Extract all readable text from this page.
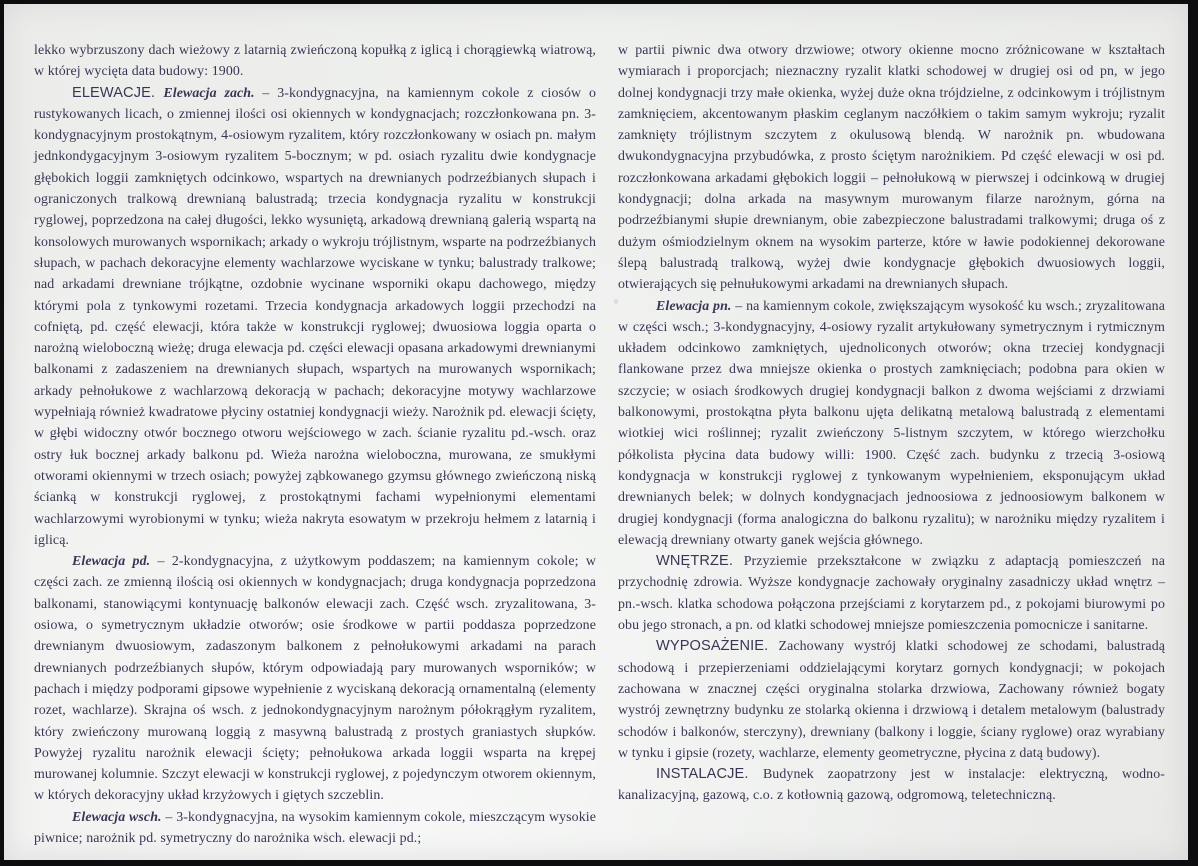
lekko wybrzuszony dach wieżowy z latarnią zwieńczoną kopułką z iglicą i chorągiewką wiatrową, w której wycięta data budowy: 1900.

ELEWACJE. Elewacja zach. – 3-kondygnacyjna, na kamiennym cokole z ciosów o rustykowanych licach, o zmiennej ilości osi okiennych w kondygnacjach; rozczłonkowana pn. 3-kondygnacyjnym prostokątnym, 4-osiowym ryzalitem, który rozczłonkowany w osiach pn. małym jednkondygacyjnym 3-osiowym ryzalitem 5-bocznym; w pd. osiach ryzalitu dwie kondygnacje głębokich loggii zamkniętych odcinkowo, wspartych na drewnianych podrzeźbianych słupach i ograniczonych tralkową drewnianą balustradą; trzecia kondygnacja ryzalitu w konstrukcji ryglowej, poprzedzona na całej długości, lekko wysuniętą, arkadową drewnianą galerią wspartą na konsolowych murowanych wspornikach; arkady o wykroju trójlistnym, wsparte na podrzeźbianych słupach, w pachach dekoracyjne elementy wachlarzowe wyciskane w tynku; balustrady tralkowe; nad arkadami drewniane trójkątne, ozdobnie wycinane wsporniki okapu dachowego, między którymi pola z tynkowymi rozetami. Trzecia kondygnacja arkadowych loggii przechodzi na cofniętą, pd. część elewacji, która także w konstrukcji ryglowej; dwuosiowa loggia oparta o narożną wieloboczną wieżę; druga elewacja pd. części elewacji opasana arkadowymi drewnianymi balkonami z zadaszeniem na drewnianych słupach, wspartych na murowanych wspornikach; arkady pełnołukowe z wachlarzową dekoracją w pachach; dekoracyjne motywy wachlarzowe wypełniają również kwadratowe płyciny ostatniej kondygnacji wieży. Narożnik pd. elewacji ścięty, w głębi widoczny otwór bocznego otworu wejściowego w zach. ścianie ryzalitu pd.-wsch. oraz ostry łuk bocznej arkady balkonu pd. Wieża narożna wieloboczna, murowana, ze smukłymi otworami okiennymi w trzech osiach; powyżej ząbkowanego gzymsu głównego zwieńczoną niską ścianką w konstrukcji ryglowej, z prostokątnymi fachami wypełnionymi elementami wachlarzowymi wyrobionymi w tynku; wieża nakryta esowatym w przekroju hełmem z latarnią i iglicą.

Elewacja pd. – 2-kondygnacyjna, z użytkowym poddaszem; na kamiennym cokole; w części zach. ze zmienną ilością osi okiennych w kondygnacjach; druga kondygnacja poprzedzona balkonami, stanowiącymi kontynuację balkonów elewacji zach. Część wsch. zryzalitowana, 3-osiowa, o symetrycznym układzie otworów; osie środkowe w partii poddasza poprzedzone drewnianym dwuosiowym, zadaszonym balkonem z pełnołukowymi arkadami na parach drewnianych podrzeźbianych słupów, którym odpowiadają pary murowanych wsporników; w pachach i między podporami gipsowe wypełnienie z wyciskaną dekoracją ornamentalną (elementy rozet, wachlarze). Skrajna oś wsch. z jednokondygnacyjnym narożnym półokrągłym ryzalitem, który zwieńczony murowaną loggią z masywną balustradą z prostych graniastych słupków. Powyżej ryzalitu narożnik elewacji ścięty; pełnołukowa arkada loggii wsparta na krępej murowanej kolumnie. Szczyt elewacji w konstrukcji ryglowej, z pojedynczym otworem okiennym, w których dekoracyjny układ krzyżowych i giętych szczeblin.

Elewacja wsch. – 3-kondygnacyjna, na wysokim kamiennym cokole, mieszczącym wysokie piwnice; narożnik pd. symetryczny do narożnika wsch. elewacji pd.;

w partii piwnic dwa otwory drzwiowe; otwory okienne mocno zróżnicowane w kształtach wymiarach i proporcjach; nieznaczny ryzalit klatki schodowej w drugiej osi od pn, w jego dolnej kondygnacji trzy małe okienka, wyżej duże okna trójdzielne, z odcinkowym i trójlistnym zamknięciem, akcentowanym płaskim ceglanym naczółkiem o takim samym wykroju; ryzalit zamknięty trójlistnym szczytem z okulusową blendą. W narożnik pn. wbudowana dwukondygnacyjna przybudówka, z prosto ściętym narożnikiem. Pd część elewacji w osi pd. rozczłonkowana arkadami głębokich loggii – pełnołukową w pierwszej i odcinkową w drugiej kondygnacji; dolna arkada na masywnym murowanym filarze narożnym, górna na podrzeźbianymi słupie drewnianym, obie zabezpieczone balustradami tralkowymi; druga oś z dużym ośmiodzielnym oknem na wysokim parterze, które w ławie podokiennej dekorowane ślepą balustradą tralkową, wyżej dwie kondygnacje głębokich dwuosiowych loggii, otwierających się pełnułukowymi arkadami na drewnianych słupach.

Elewacja pn. – na kamiennym cokole, zwiększającym wysokość ku wsch.; zryzalitowana w części wsch.; 3-kondygnacyjny, 4-osiowy ryzalit artykułowany symetrycznym i rytmicznym układem odcinkowo zamkniętych, ujednoliconych otworów; okna trzeciej kondygnacji flankowane przez dwa mniejsze okienka o prostych zamknięciach; podobna para okien w szczycie; w osiach środkowych drugiej kondygnacji balkon z dwoma wejściami z drzwiami balkonowymi, prostokątna płyta balkonu ujęta delikatną metalową balustradą z elementami wiotkiej wici roślinnej; ryzalit zwieńczony 5-listnym szczytem, w którego wierzchołku półkolista płycina data budowy willi: 1900. Część zach. budynku z trzecią 3-osiową kondygnacja w konstrukcji ryglowej z tynkowanym wypełnieniem, eksponującym układ drewnianych belek; w dolnych kondygnacjach jednoosiowa z jednoosiowym balkonem w drugiej kondygnacji (forma analogiczna do balkonu ryzalitu); w narożniku między ryzalitem i elewacją drewniany otwarty ganek wejścia głównego.

WNĘTRZE. Przyziemie przekształcone w związku z adaptacją pomieszczeń na przychodnię zdrowia. Wyższe kondygnacje zachowały oryginalny zasadniczy układ wnętrz – pn.-wsch. klatka schodowa połączona przejściami z korytarzem pd., z pokojami biurowymi po obu jego stronach, a pn. od klatki schodowej mniejsze pomieszczenia pomocnicze i sanitarne.

WYPOSAŻENIE. Zachowany wystrój klatki schodowej ze schodami, balustradą schodową i przepierzeniami oddzielającymi korytarz gornych kondygnacji; w pokojach zachowana w znacznej części oryginalna stolarka drzwiowa, Zachowany również bogaty wystrój zewnętrzny budynku ze stolarką okienna i drzwiową i detalem metalowym (balustrady schodów i balkonów, sterczyny), drewniany (balkony i loggie, ściany ryglowe) oraz wyrabiany w tynku i gipsie (rozety, wachlarze, elementy geometryczne, płycina z datą budowy).

INSTALACJE. Budynek zaopatrzony jest w instalacje: elektryczną, wodno-kanalizacyjną, gazową, c.o. z kotłownią gazową, odgromową, teletechniczną.
